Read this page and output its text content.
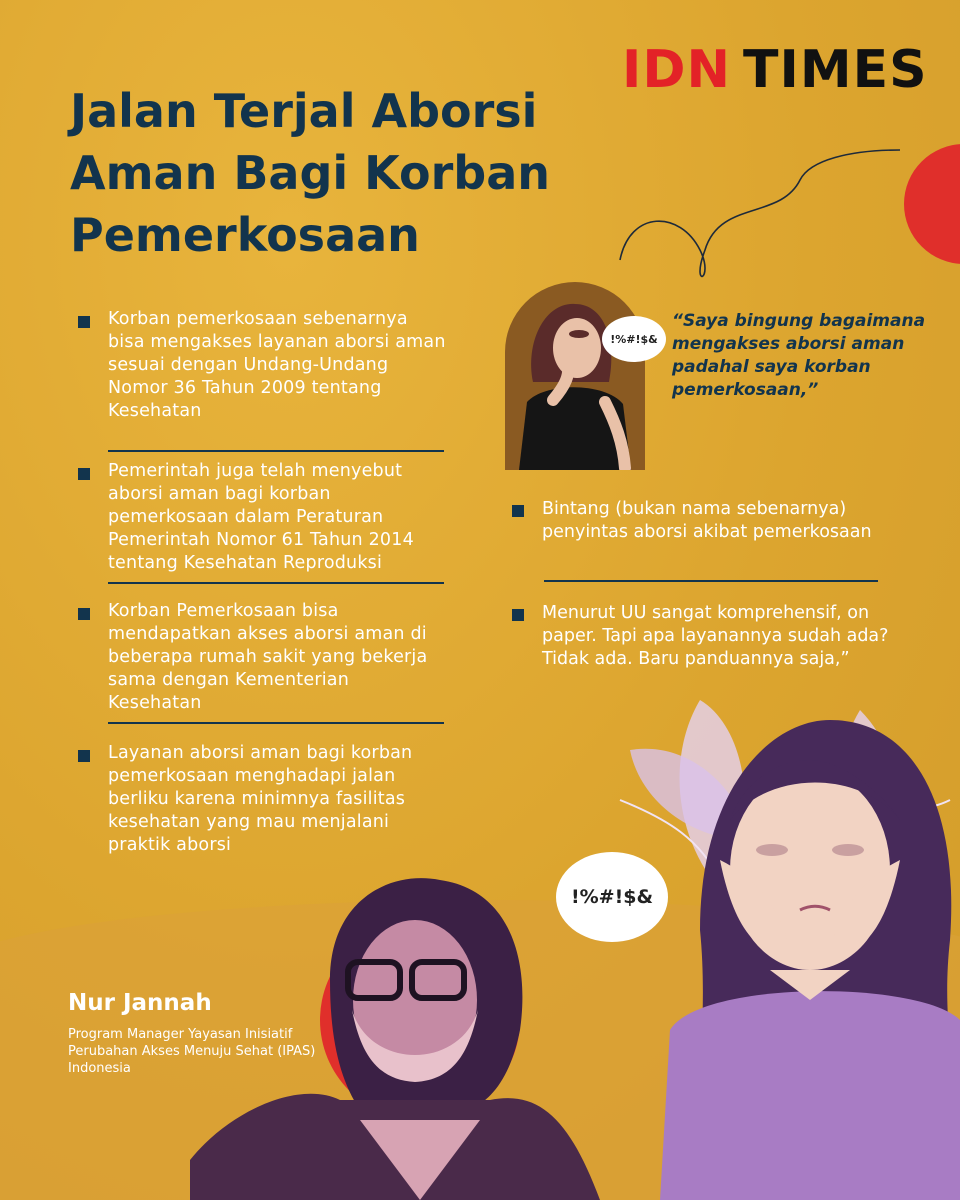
IDN TIMES
Jalan Terjal Aborsi Aman Bagi Korban Pemerkosaan
Korban pemerkosaan sebenarnya bisa mengakses layanan aborsi aman sesuai dengan Undang-Undang Nomor 36 Tahun 2009 tentang Kesehatan
Pemerintah juga telah menyebut aborsi aman bagi korban pemerkosaan dalam Peraturan Pemerintah Nomor 61 Tahun 2014 tentang Kesehatan Reproduksi
Korban Pemerkosaan bisa mendapatkan akses aborsi aman di beberapa rumah sakit yang bekerja sama dengan Kementerian Kesehatan
Layanan aborsi aman bagi korban pemerkosaan menghadapi jalan berliku karena minimnya fasilitas kesehatan yang mau menjalani praktik aborsi
!%#!$&

“Saya bingung bagaimana mengakses aborsi aman padahal saya korban pemerkosaan,”

Bintang (bukan nama sebenarnya) penyintas aborsi akibat pemerkosaan
Menurut UU sangat komprehensif, on paper. Tapi apa layanannya sudah ada? Tidak ada. Baru panduannya saja,”
!%#!$&

Nur Jannah

Program Manager Yayasan Inisiatif Perubahan Akses Menuju Sehat (IPAS) Indonesia
